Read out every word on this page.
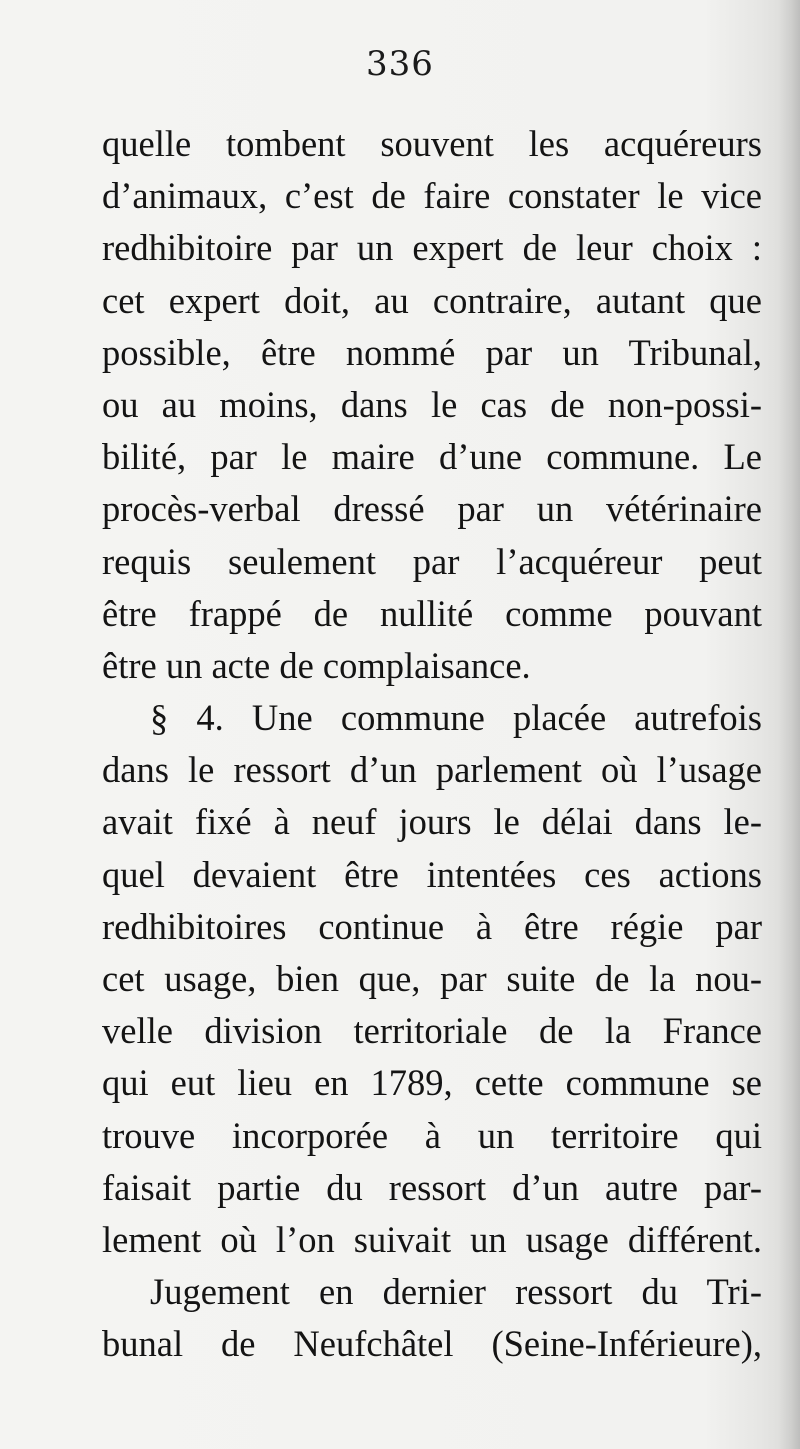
336
quelle tombent souvent les acquéreurs
d’animaux, c’est de faire constater le vice
redhibitoire par un expert de leur choix :
cet expert doit, au contraire, autant que
possible, être nommé par un Tribunal,
ou au moins, dans le cas de non-possi-
bilité, par le maire d’une commune. Le
procès-verbal dressé par un vétérinaire
requis seulement par l’acquéreur peut
être frappé de nullité comme pouvant
être un acte de complaisance.
§ 4. Une commune placée autrefois
dans le ressort d’un parlement où l’usage
avait fixé à neuf jours le délai dans le-
quel devaient être intentées ces actions
redhibitoires continue à être régie par
cet usage, bien que, par suite de la nou-
velle division territoriale de la France
qui eut lieu en 1789, cette commune se
trouve incorporée à un territoire qui
faisait partie du ressort d’un autre par-
lement où l’on suivait un usage différent.
Jugement en dernier ressort du Tri-
bunal de Neufchâtel (Seine-Inférieure),
